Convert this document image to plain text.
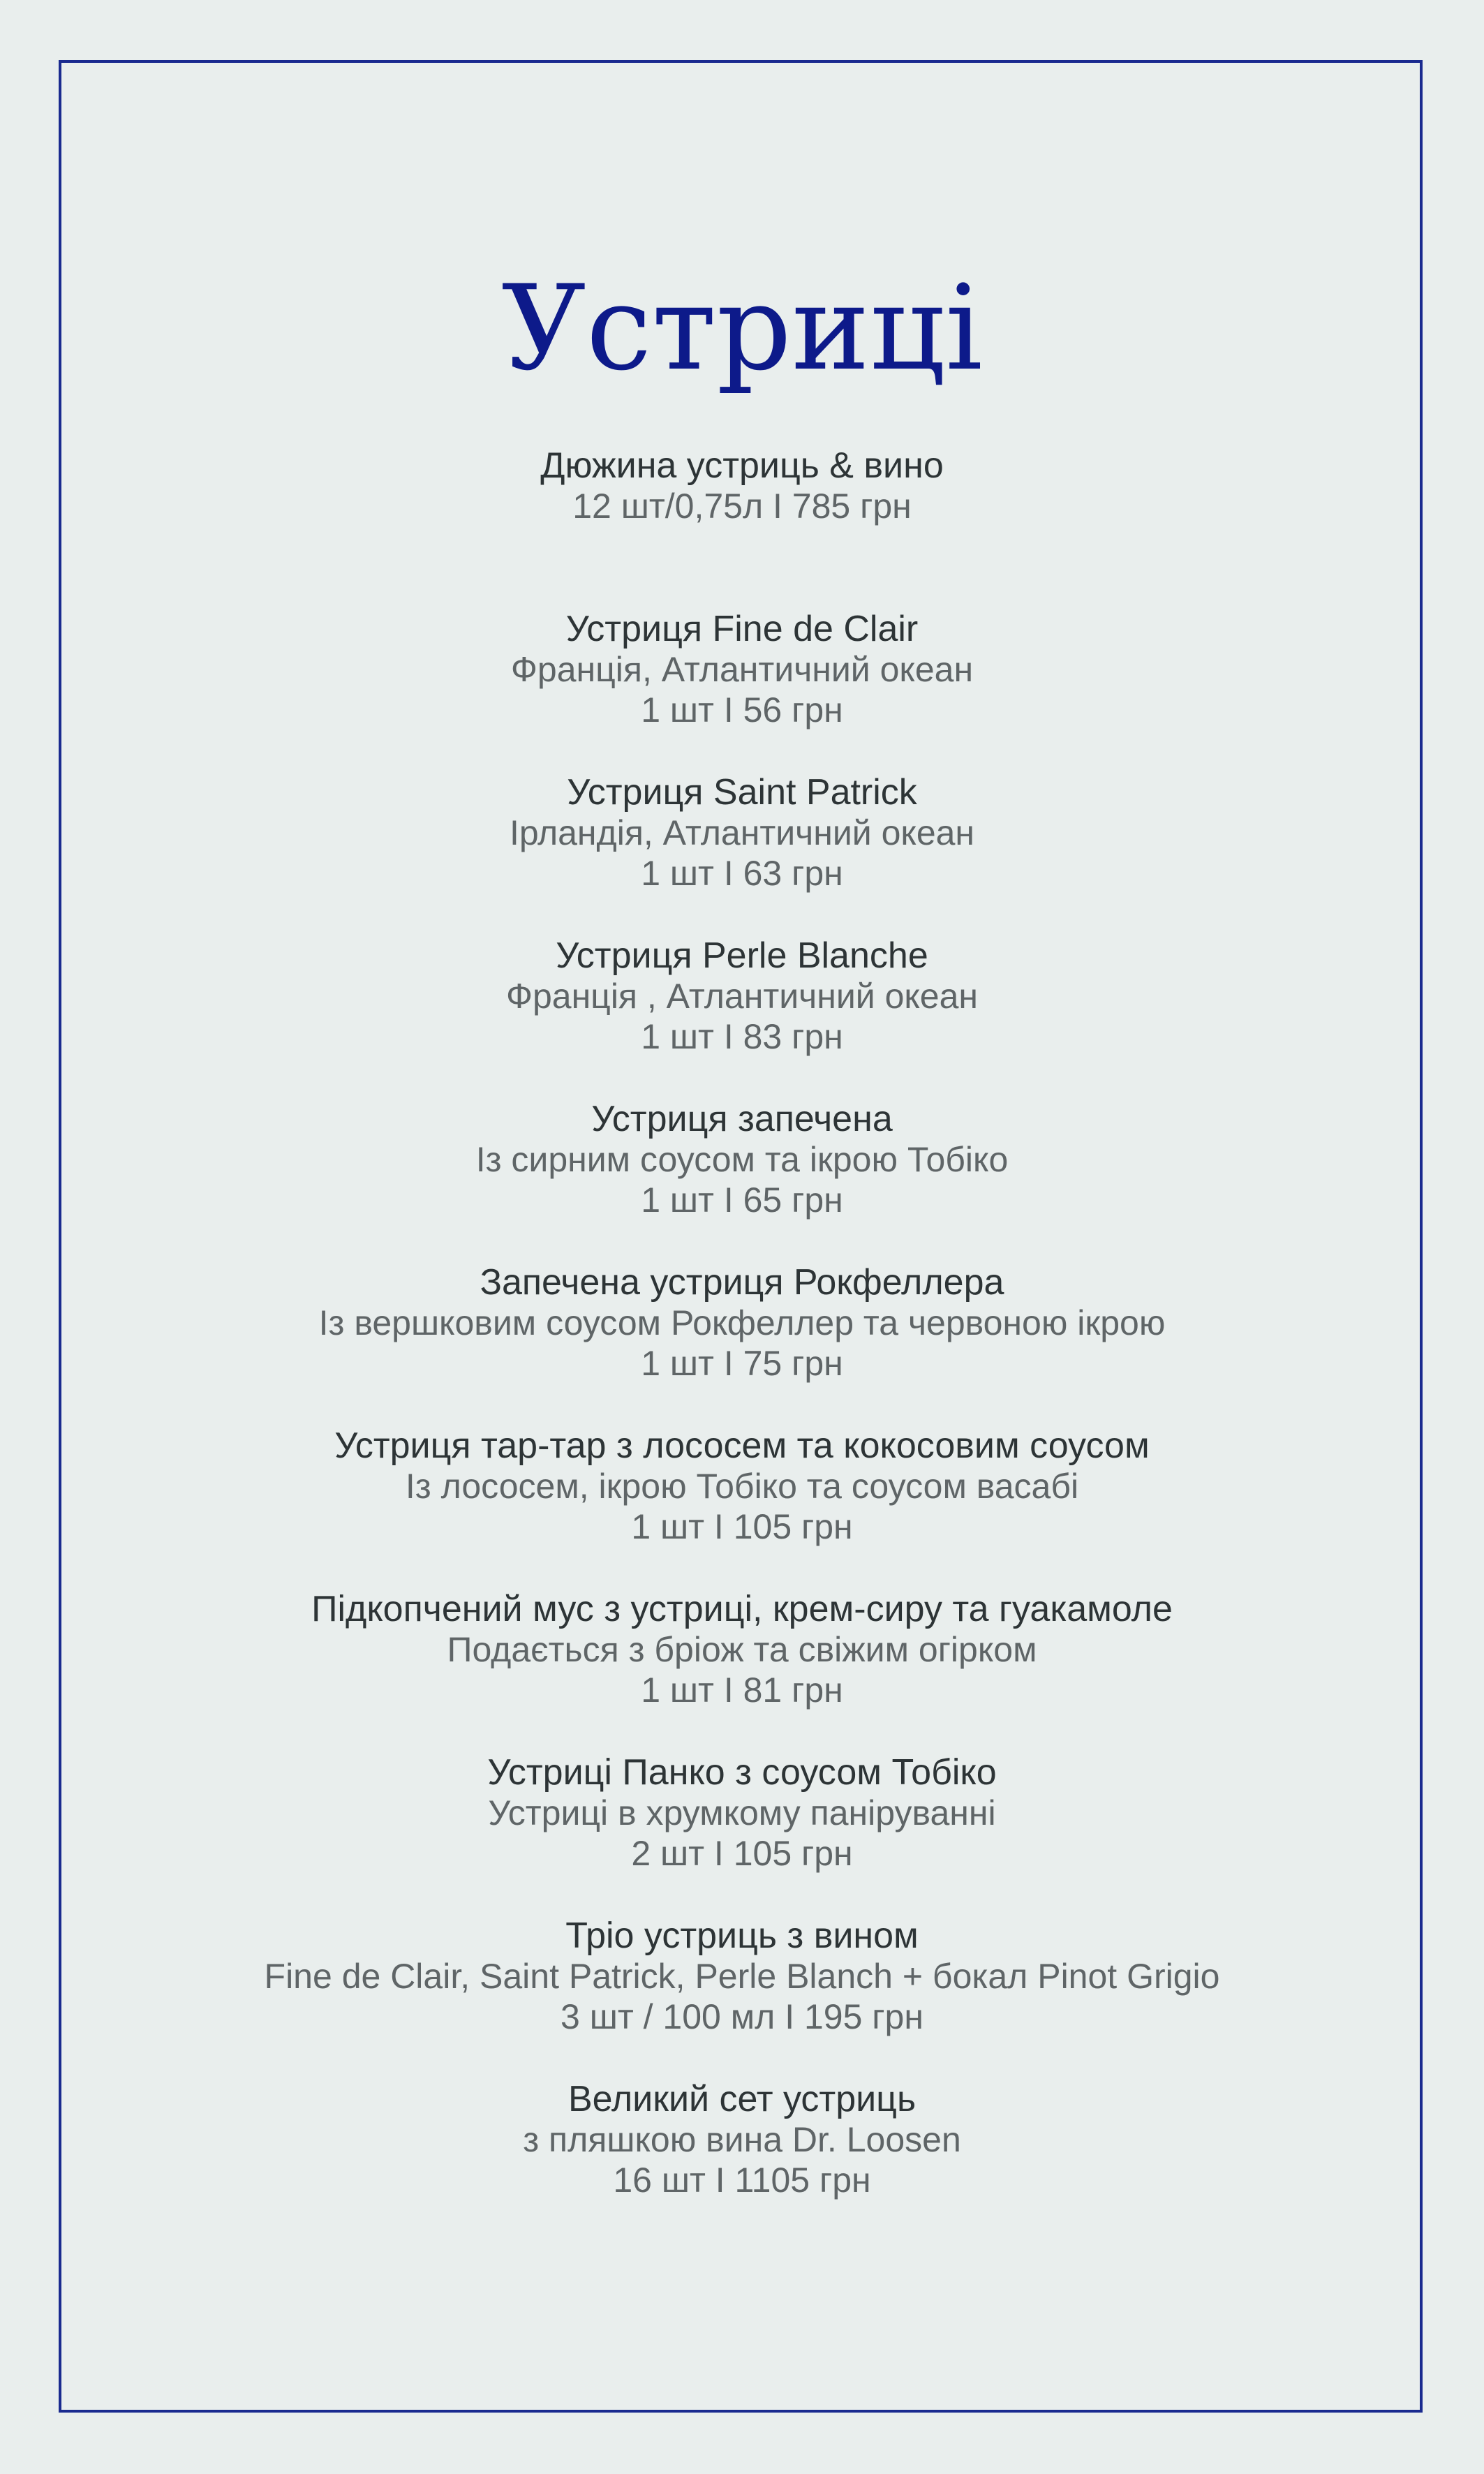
Устриці
Дюжина устриць & вино
12 шт/0,75л І 785 грн
Устриця Fine de Clair
Франція, Атлантичний океан
1 шт І 56 грн
Устриця Saint Patrick
Ірландія, Атлантичний океан
1 шт І 63 грн
Устриця Perle Blanche
Франція , Атлантичний океан
1 шт І 83 грн
Устриця запечена
Із сирним соусом та ікрою Тобіко
1 шт І 65 грн
Запечена устриця Рокфеллера
Із вершковим соусом Рокфеллер та червоною ікрою
1 шт І 75 грн
Устриця тар-тар з лососем та кокосовим соусом
Із лососем, ікрою Тобіко та соусом васабі
1 шт І 105 грн
Підкопчений мус з устриці, крем-сиру та гуакамоле
Подається з бріож та свіжим огірком
1 шт І 81 грн
Устриці Панко з соусом Тобіко
Устриці в хрумкому паніруванні
2 шт І 105 грн
Тріо устриць з вином
Fine de Clair, Saint Patrick, Perle Blanch + бокал Pinot Grigio
3 шт / 100 мл І 195 грн
Великий сет устриць
з пляшкою вина Dr. Loosen
16 шт І 1105 грн
